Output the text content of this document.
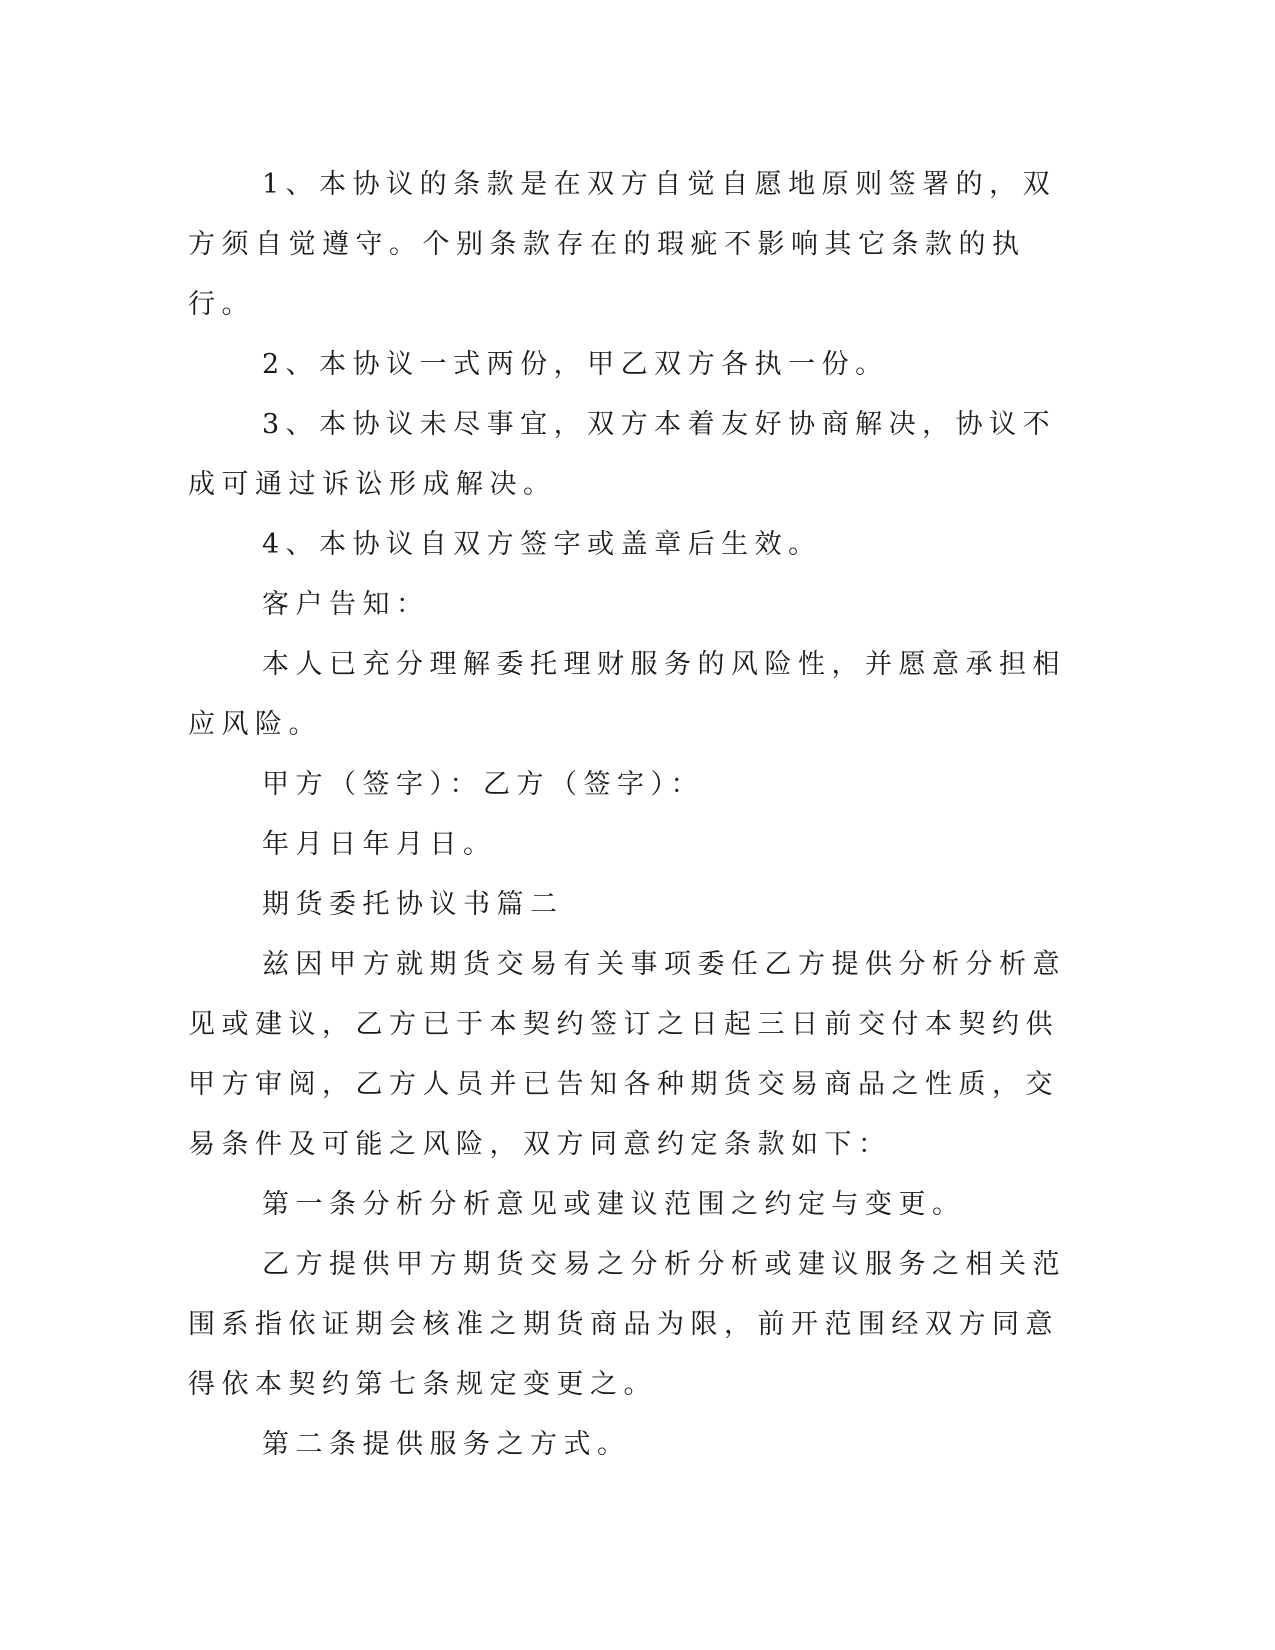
1、本协议的条款是在双方自觉自愿地原则签署的，双方须自觉遵守。个别条款存在的瑕疵不影响其它条款的执行。

2、本协议一式两份，甲乙双方各执一份。

3、本协议未尽事宜，双方本着友好协商解决，协议不成可通过诉讼形成解决。

4、本协议自双方签字或盖章后生效。

客户告知：

本人已充分理解委托理财服务的风险性，并愿意承担相应风险。

甲方（签字）：乙方（签字）：

年月日年月日。

期货委托协议书篇二

兹因甲方就期货交易有关事项委任乙方提供分析分析意见或建议，乙方已于本契约签订之日起三日前交付本契约供甲方审阅，乙方人员并已告知各种期货交易商品之性质，交易条件及可能之风险，双方同意约定条款如下：

第一条分析分析意见或建议范围之约定与变更。

乙方提供甲方期货交易之分析分析或建议服务之相关范围系指依证期会核准之期货商品为限，前开范围经双方同意得依本契约第七条规定变更之。

第二条提供服务之方式。
